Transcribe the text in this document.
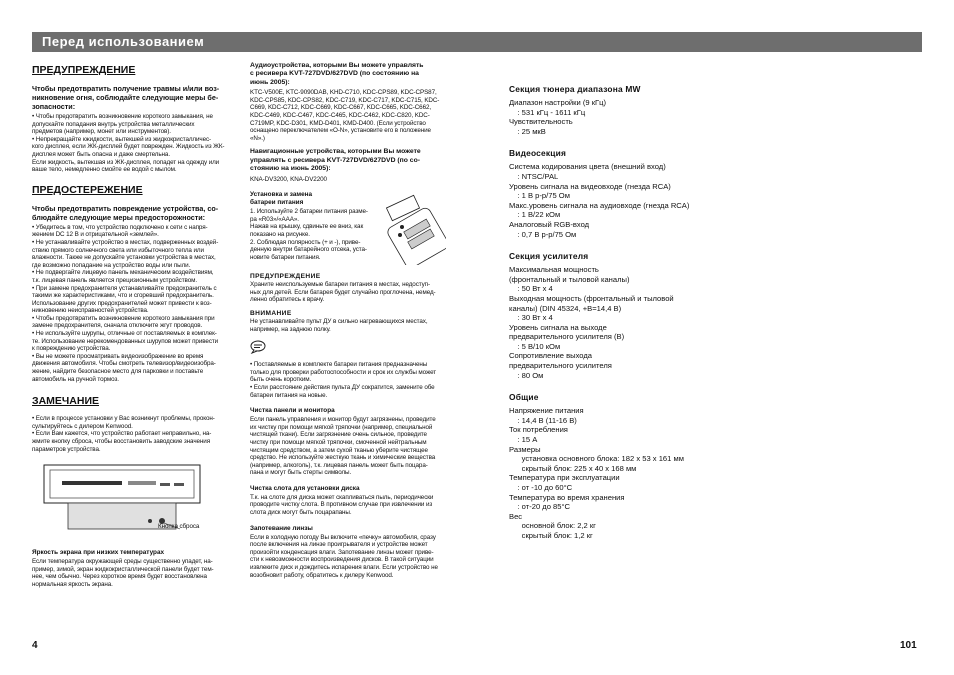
Перед использованием
ПРЕДУПРЕЖДЕНИЕ
Чтобы предотвратить получение травмы и/или воз-
никновение огня, соблюдайте следующие меры бе-
зопасности:
• Чтобы предотвратить возникновение короткого замыкания, не
допускайте попадания внутрь устройства металлических
предметов (например, монет или инструментов).
• Непрекращайте кжидкости, вытекшей из жидкокристалличес-
кого дисплея, если ЖК-дисплей будет поврежден. Жидкость из ЖК-
дисплея может быть опасна и даже смертельна.
Если жидкость, вытекшая из ЖК-дисплея, попадет на одежду или
ваше тело, немедленно смойте ее водой с мылом.
ПРЕДОСТЕРЕЖЕНИЕ
Чтобы предотвратить повреждение устройства, со-
блюдайте следующие меры предосторожности:
• Убедитесь в том, что устройство подключено к сети с напря-
жением DC 12 В и отрицательной «землей».
• Не устанавливайте устройство в местах, подверженных воздей-
ствию прямого солнечного света или избыточного тепла или
влажности. Также не допускайте установки устройства в местах,
где возможно попадание на устройство воды или пыли.
• Не подвергайте лицевую панель механическим воздействиям,
т.к. лицевая панель является прецизионным устройством.
• При замене предохранителя устанавливайте предохранитель с
такими же характеристиками, что и сгоревший предохранитель.
Использование других предохранителей может привести к воз-
никновению неисправностей устройства.
• Чтобы предотвратить возникновение короткого замыкания при
замене предохранителя, сначала отключите жгут проводов.
• Не используйте шурупы, отличные от поставляемых в комплек-
те. Использование нерекомендованных шурупов может привести
к повреждению устройства.
• Вы не можете просматривать видеоизображение во время
движения автомобиля. Чтобы смотреть телевизор/видеоизобра-
жение, найдите безопасное место для парковки и поставьте
автомобиль на ручной тормоз.
ЗАМЕЧАНИЕ
• Если в процессе установки у Вас возникнут проблемы, прокон-
сультируйтесь с дилером Kenwood.
• Если Вам кажется, что устройство работает неправильно, на-
жмите кнопку сброса, чтобы восстановить заводские значения
параметров устройства.
Кнопка сброса
Яркость экрана при низких температурах
Если температура окружающей среды существенно упадет, на-
пример, зимой, экран жидкокристаллической панели будет тем-
нее, чем обычно. Через короткое время будет восстановлена
нормальная яркость экрана.
Аудиоустройства, которыми Вы можете управлять
с ресивера KVT-727DVD/627DVD (по состоянию на
июнь 2005):
KTC-V500E, KTC-9090DAB, KHD-C710, KDC-CPS89, KDC-CPS87,
KDC-CPS85, KDC-CPS82, KDC-C719, KDC-C717, KDC-C715, KDC-
C669, KDC-C712, KDC-C669, KDC-C667, KDC-C665, KDC-C662,
KDC-C469, KDC-C467, KDC-C465, KDC-C462, KDC-C820, KDC-
C719MP, KDC-D301, KMD-D401, KMD-D400. (Если устройство
оснащено переключателем «O-N», установите его в положение
«N».)
Навигационные устройства, которыми Вы можете
управлять с ресивера KVT-727DVD/627DVD (по со-
стоянию на июнь 2005):
KNA-DV3200, KNA-DV2200
Установка и замена
батареи питания
1. Используйте 2 батареи питания разме-
ра «R03»/«AAA».
Нажав на крышку, сдвиньте ее вниз, как
показано на рисунке.
2. Соблюдая полярность (+ и -), приве-
денную внутри батарейного отсека, уста-
новите батареи питания.
ПРЕДУПРЕЖДЕНИЕ
Храните неиспользуемые батареи питания в местах, недоступ-
ных для детей. Если батарея будет случайно проглочена, немед-
ленно обратитесь к врачу.
ВНИМАНИЕ
Не устанавливайте пульт ДУ в сильно нагревающихся местах,
например, на заднюю полку.
• Поставляемые в комплекте батареи питания предназначены
только для проверки работоспособности и срок их службы может
быть очень коротким.
• Если расстояние действия пульта ДУ сократится, замените обе
батареи питания на новые.
Чистка панели и монитора
Если панель управления и монитор будут загрязнены, проведите
их чистку при помощи мягкой тряпочки (например, специальной
чистящей ткани). Если загрязнение очень сильное, проведите
чистку при помощи мягкой тряпочки, смоченной нейтральным
чистящим средством, а затем сухой тканью уберите чистящее
средство. Не используйте жесткую ткань и химические вещества
(например, алкоголь), т.к. лицевая панель может быть поцара-
пана и могут быть стерты символы.
Чистка слота для установки диска
Т.к. на слоте для диска может скапливаться пыль, периодически
проводите чистку слота. В противном случае при извлечении из
слота диск могут быть поцарапаны.
Запотевание линзы
Если в холодную погоду Вы включите «печку» автомобиля, сразу
после включения на линзе проигрывателя и устройстве может
произойти конденсация влаги. Запотевание линзы может приве-
сти к невозможности воспроизведения дисков. В такой ситуации
извлеките диск и дождитесь испарения влаги. Если устройство не
возобновит работу, обратитесь к дилеру Kenwood.
Секция тюнера диапазона MW
Диапазон настройки (9 кГц)
: 531 кГц - 1611 кГц
Чувствительность
: 25 мкВ
Видеосекция
Система кодирования цвета (внешний вход)
: NTSC/PAL
Уровень сигнала на видеовходе (гнезда RCA)
: 1 В р-р/75 Ом
Макс.уровень сигнала на аудиовходе (гнезда RCA)
: 1 В/22 кОм
Аналоговый RGB-вход
: 0,7 В р-р/75 Ом
Секция усилителя
Максимальная мощность
(фронтальный и тыловой каналы)
: 50 Вт x 4
Выходная мощность (фронтальный и тыловой
каналы) (DIN 45324, +B=14,4 В)
: 30 Вт x 4
Уровень сигнала на выходе
предварительного усилителя (В)
: 5 В/10 кОм
Сопротивление выхода
предварительного усилителя
: 80 Ом
Общие
Напряжение питания
: 14,4 В (11-16 В)
Ток потребления
: 15 А
Размеры
установка основного блока: 182 x 53 x 161 мм
скрытый блок: 225 x 40 x 168 мм
Температура при эксплуатации
: от -10 до 60°C
Температура во время хранения
: от-20 до 85°C
Вес
основной блок: 2,2 кг
скрытый блок: 1,2 кг
4	101
